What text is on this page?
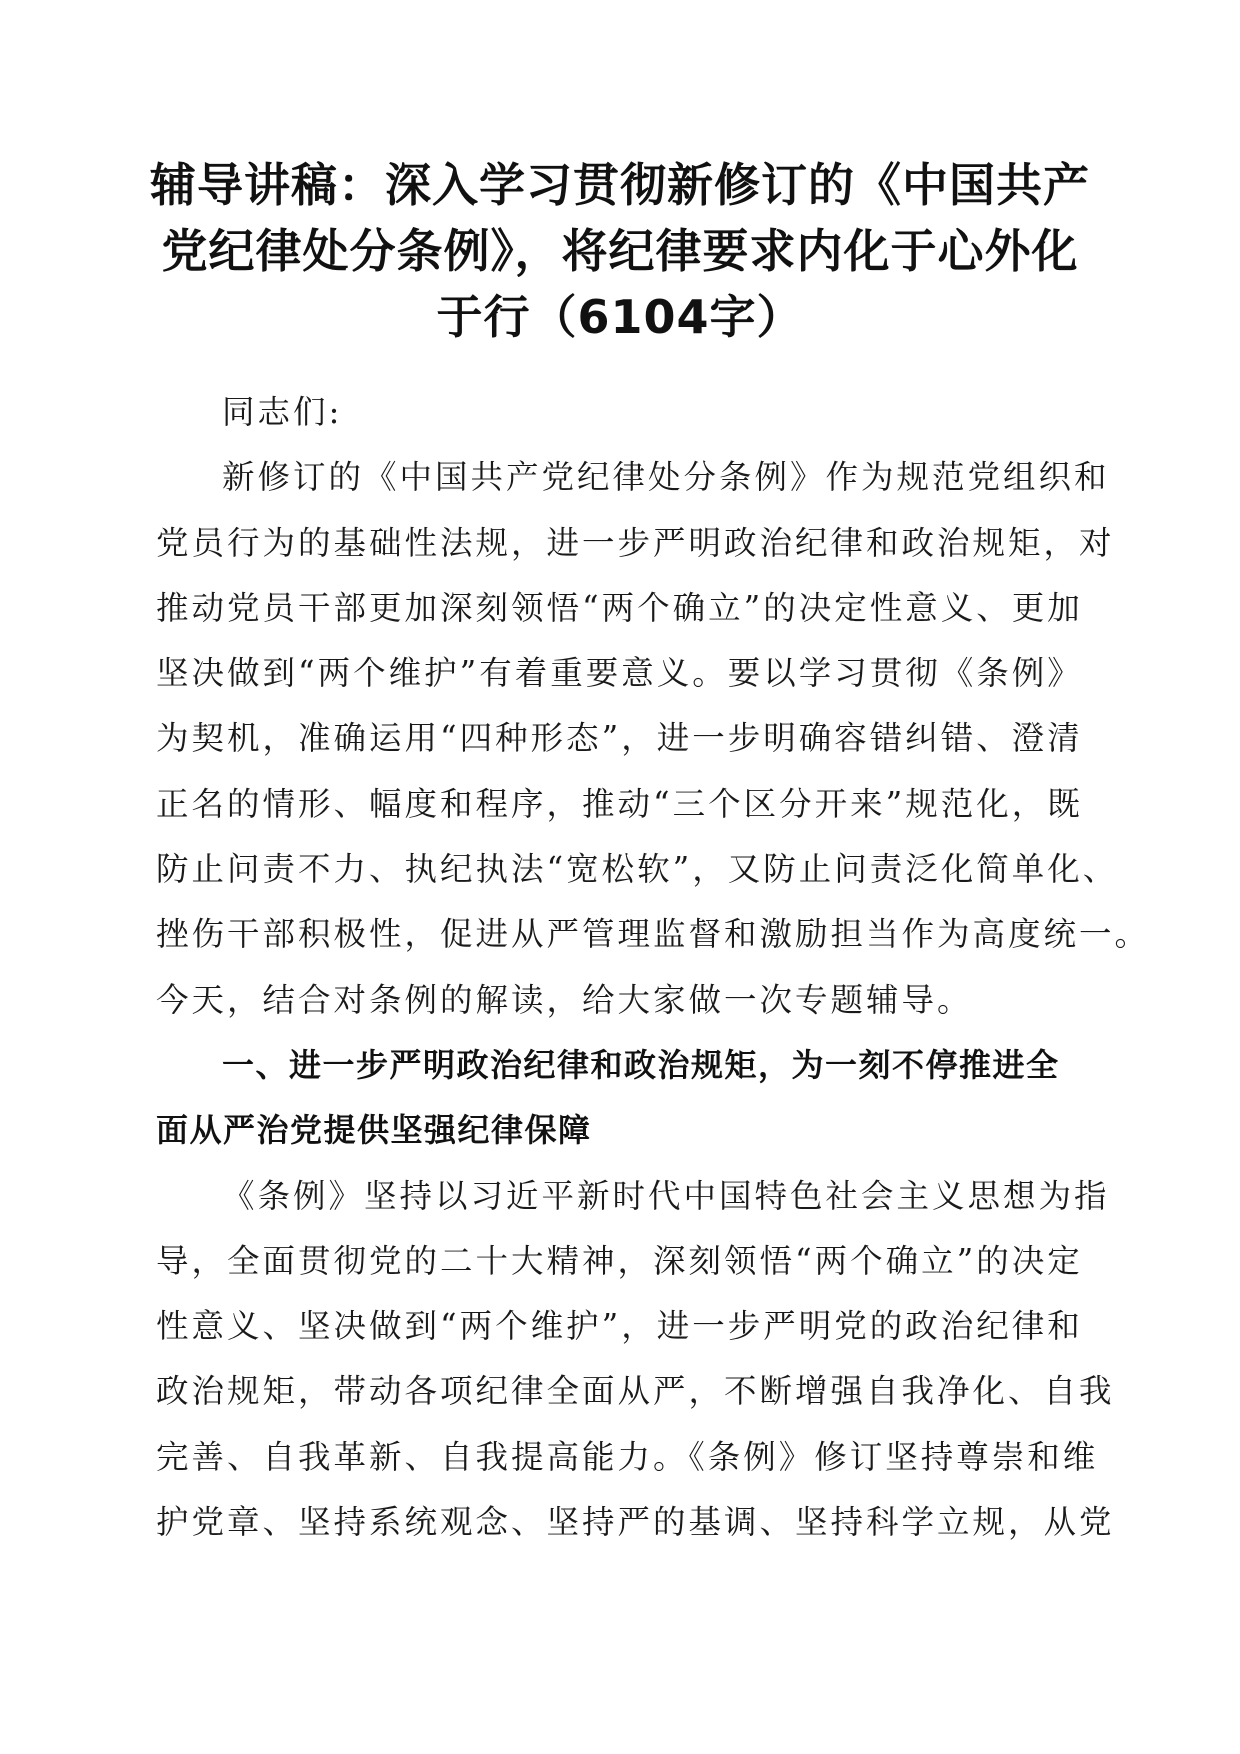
辅导讲稿：深入学习贯彻新修订的《中国共产
党纪律处分条例》，将纪律要求内化于心外化
于行（6104字）
同志们:
新修订的《中国共产党纪律处分条例》作为规范党组织和
党员行为的基础性法规，进一步严明政治纪律和政治规矩，对
推动党员干部更加深刻领悟“两个确立”的决定性意义、更加
坚决做到“两个维护”有着重要意义。要以学习贯彻《条例》
为契机，准确运用“四种形态”，进一步明确容错纠错、澄清
正名的情形、幅度和程序，推动“三个区分开来”规范化，既
防止问责不力、执纪执法“宽松软”，又防止问责泛化简单化、
挫伤干部积极性，促进从严管理监督和激励担当作为高度统一。
今天，结合对条例的解读，给大家做一次专题辅导。
一、进一步严明政治纪律和政治规矩，为一刻不停推进全
面从严治党提供坚强纪律保障
《条例》坚持以习近平新时代中国特色社会主义思想为指
导，全面贯彻党的二十大精神，深刻领悟“两个确立”的决定
性意义、坚决做到“两个维护”，进一步严明党的政治纪律和
政治规矩，带动各项纪律全面从严，不断增强自我净化、自我
完善、自我革新、自我提高能力。《条例》修订坚持尊崇和维
护党章、坚持系统观念、坚持严的基调、坚持科学立规，从党
